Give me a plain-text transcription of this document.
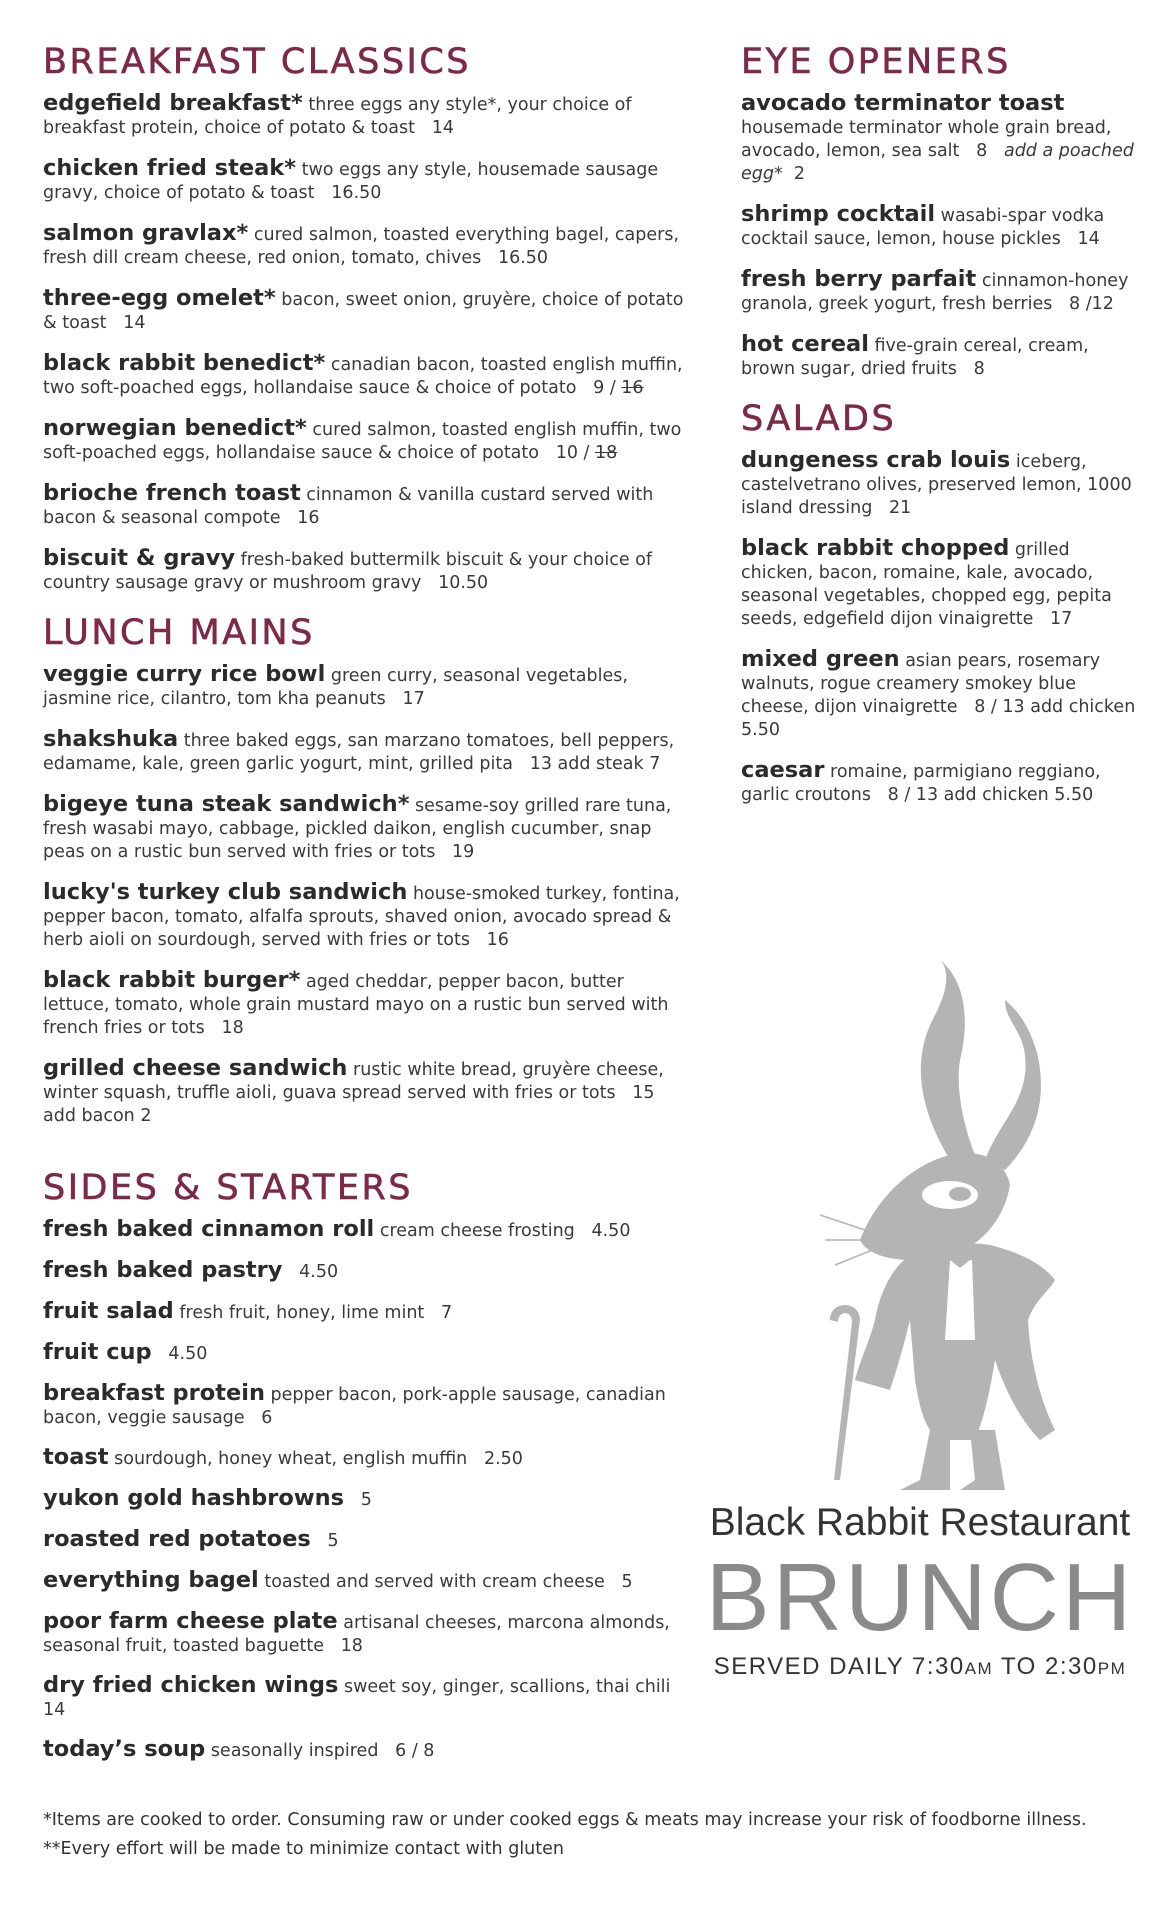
BREAKFAST CLASSICS
edgefield breakfast* three eggs any style*, your choice of breakfast protein, choice of potato & toast 14
chicken fried steak* two eggs any style, housemade sausage gravy, choice of potato & toast 16.50
salmon gravlax* cured salmon, toasted everything bagel, capers, fresh dill cream cheese, red onion, tomato, chives 16.50
three-egg omelet* bacon, sweet onion, gruyère, choice of potato & toast 14
black rabbit benedict* canadian bacon, toasted english muffin, two soft-poached eggs, hollandaise sauce & choice of potato 9 / 16
norwegian benedict* cured salmon, toasted english muffin, two soft-poached eggs, hollandaise sauce & choice of potato 10 / 18
brioche french toast cinnamon & vanilla custard served with bacon & seasonal compote 16
biscuit & gravy fresh-baked buttermilk biscuit & your choice of country sausage gravy or mushroom gravy 10.50
LUNCH MAINS
veggie curry rice bowl green curry, seasonal vegetables, jasmine rice, cilantro, tom kha peanuts 17
shakshuka three baked eggs, san marzano tomatoes, bell peppers, edamame, kale, green garlic yogurt, mint, grilled pita 13 add steak 7
bigeye tuna steak sandwich* sesame-soy grilled rare tuna, fresh wasabi mayo, cabbage, pickled daikon, english cucumber, snap peas on a rustic bun served with fries or tots 19
lucky's turkey club sandwich house-smoked turkey, fontina, pepper bacon, tomato, alfalfa sprouts, shaved onion, avocado spread & herb aioli on sourdough, served with fries or tots 16
black rabbit burger* aged cheddar, pepper bacon, butter lettuce, tomato, whole grain mustard mayo on a rustic bun served with french fries or tots 18
grilled cheese sandwich rustic white bread, gruyère cheese, winter squash, truffle aioli, guava spread served with fries or tots 15 add bacon 2
SIDES & STARTERS
fresh baked cinnamon roll cream cheese frosting 4.50
fresh baked pastry 4.50
fruit salad fresh fruit, honey, lime mint 7
fruit cup 4.50
breakfast protein pepper bacon, pork-apple sausage, canadian bacon, veggie sausage 6
toast sourdough, honey wheat, english muffin 2.50
yukon gold hashbrowns 5
roasted red potatoes 5
everything bagel toasted and served with cream cheese 5
poor farm cheese plate artisanal cheeses, marcona almonds, seasonal fruit, toasted baguette 18
dry fried chicken wings sweet soy, ginger, scallions, thai chili   14
today’s soup seasonally inspired 6 / 8
EYE OPENERS
avocado terminator toast housemade terminator whole grain bread, avocado, lemon, sea salt 8 add a poached egg* 2
shrimp cocktail wasabi-spar vodka cocktail sauce, lemon, house pickles 14
fresh berry parfait cinnamon-honey granola, greek yogurt, fresh berries 8 /12
hot cereal five-grain cereal, cream, brown sugar, dried fruits 8
SALADS
dungeness crab louis iceberg, castelvetrano olives, preserved lemon, 1000 island dressing 21
black rabbit chopped grilled chicken, bacon, romaine, kale, avocado, seasonal vegetables, chopped egg, pepita seeds, edgefield dijon vinaigrette 17
mixed green asian pears, rosemary walnuts, rogue creamery smokey blue cheese, dijon vinaigrette 8 / 13 add chicken 5.50
caesar romaine, parmigiano reggiano, garlic croutons 8 / 13 add chicken 5.50
Black Rabbit Restaurant
BRUNCH
SERVED DAILY 7:30AM TO 2:30PM
*Items are cooked to order. Consuming raw or under cooked eggs & meats may increase your risk of foodborne illness.
**Every effort will be made to minimize contact with gluten
